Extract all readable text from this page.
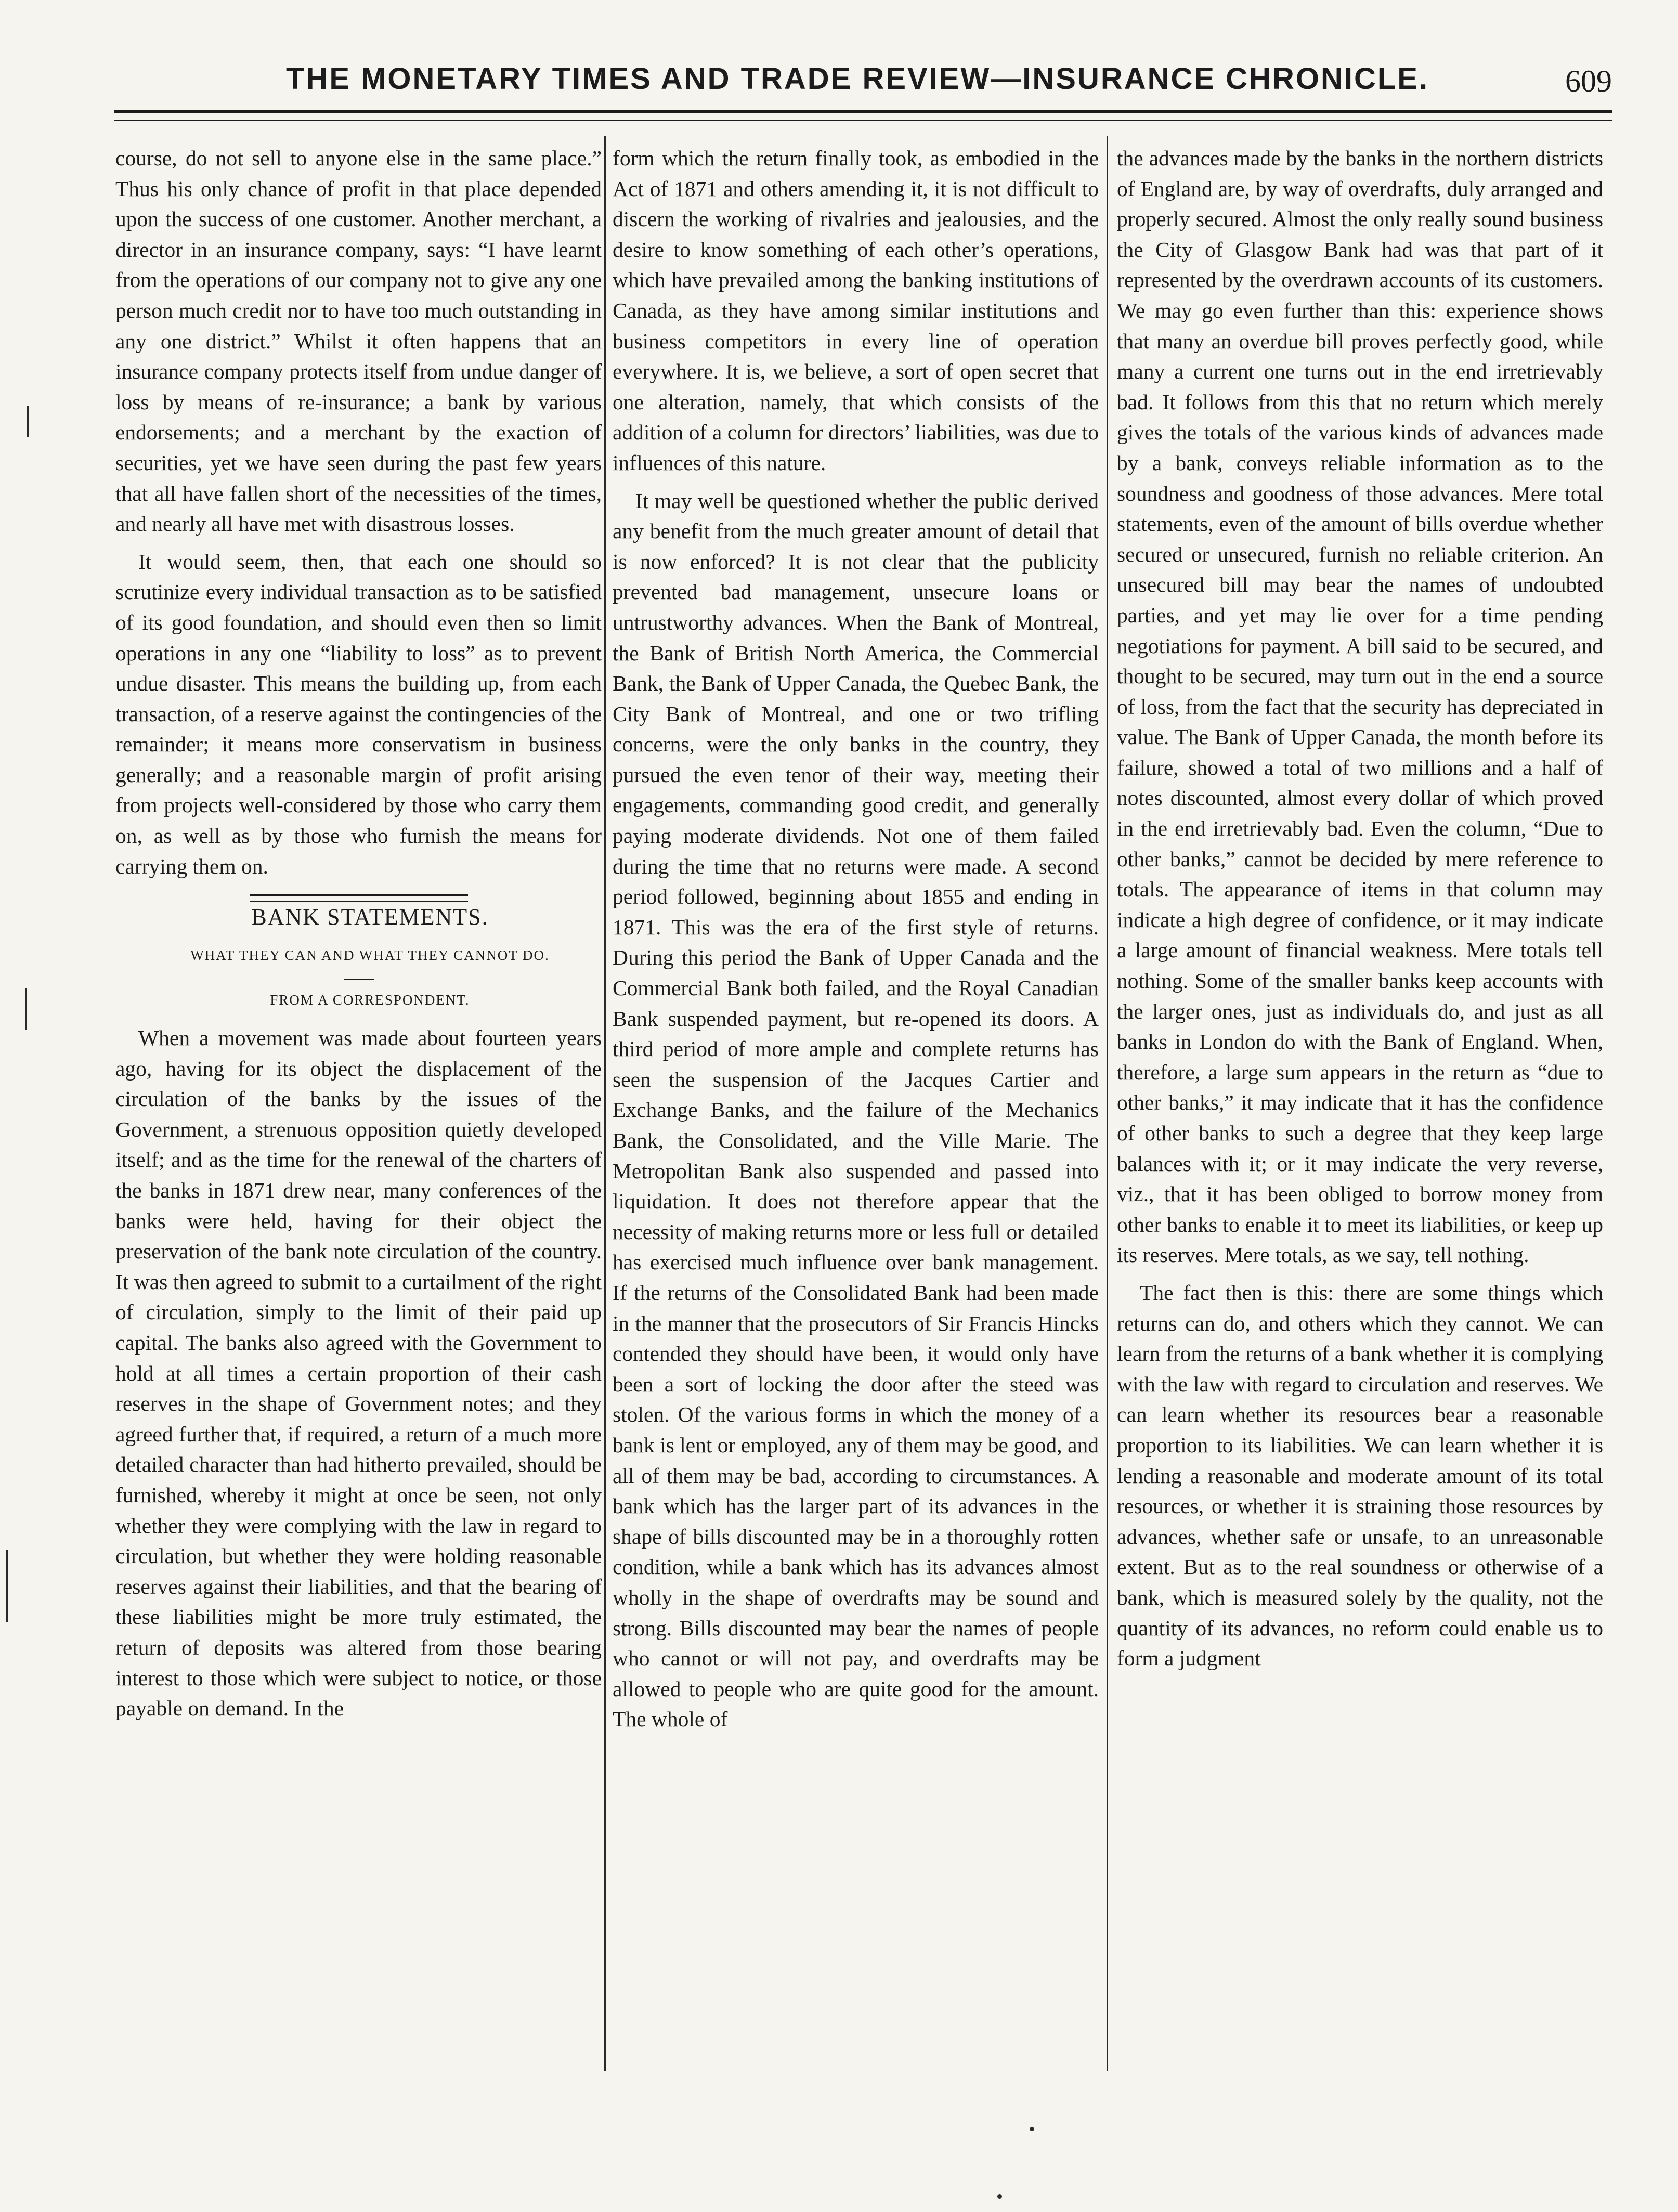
THE MONETARY TIMES AND TRADE REVIEW—INSURANCE CHRONICLE.	609

course, do not sell to anyone else in the same place.” Thus his only chance of profit in that place depended upon the success of one customer. Another merchant, a director in an insurance company, says: “I have learnt from the operations of our company not to give any one person much credit nor to have too much outstanding in any one district.” Whilst it often happens that an insurance company protects itself from undue danger of loss by means of re-insurance; a bank by various endorsements; and a merchant by the exaction of securities, yet we have seen during the past few years that all have fallen short of the necessities of the times, and nearly all have met with disastrous losses.

It would seem, then, that each one should so scrutinize every individual transaction as to be satisfied of its good foundation, and should even then so limit operations in any one “liability to loss” as to prevent undue disaster. This means the building up, from each transaction, of a reserve against the contingencies of the remainder; it means more conservatism in business generally; and a reasonable margin of profit arising from projects well-considered by those who carry them on, as well as by those who furnish the means for carrying them on.

BANK STATEMENTS.

WHAT THEY CAN AND WHAT THEY CANNOT DO.

FROM A CORRESPONDENT.

When a movement was made about fourteen years ago, having for its object the displacement of the circulation of the banks by the issues of the Government, a strenuous opposition quietly developed itself; and as the time for the renewal of the charters of the banks in 1871 drew near, many conferences of the banks were held, having for their object the preservation of the bank note circulation of the country. It was then agreed to submit to a curtailment of the right of circulation, simply to the limit of their paid up capital. The banks also agreed with the Government to hold at all times a certain proportion of their cash reserves in the shape of Government notes; and they agreed further that, if required, a return of a much more detailed character than had hitherto prevailed, should be furnished, whereby it might at once be seen, not only whether they were complying with the law in regard to circulation, but whether they were holding reasonable reserves against their liabilities, and that the bearing of these liabilities might be more truly estimated, the return of deposits was altered from those bearing interest to those which were subject to notice, or those payable on demand. In the

form which the return finally took, as embodied in the Act of 1871 and others amending it, it is not difficult to discern the working of rivalries and jealousies, and the desire to know something of each other’s operations, which have prevailed among the banking institutions of Canada, as they have among similar institutions and business competitors in every line of operation everywhere. It is, we believe, a sort of open secret that one alteration, namely, that which consists of the addition of a column for directors’ liabilities, was due to influences of this nature.

It may well be questioned whether the public derived any benefit from the much greater amount of detail that is now enforced? It is not clear that the publicity prevented bad management, unsecure loans or untrustworthy advances. When the Bank of Montreal, the Bank of British North America, the Commercial Bank, the Bank of Upper Canada, the Quebec Bank, the City Bank of Montreal, and one or two trifling concerns, were the only banks in the country, they pursued the even tenor of their way, meeting their engagements, commanding good credit, and generally paying moderate dividends. Not one of them failed during the time that no returns were made. A second period followed, beginning about 1855 and ending in 1871. This was the era of the first style of returns. During this period the Bank of Upper Canada and the Commercial Bank both failed, and the Royal Canadian Bank suspended payment, but re-opened its doors. A third period of more ample and complete returns has seen the suspension of the Jacques Cartier and Exchange Banks, and the failure of the Mechanics Bank, the Consolidated, and the Ville Marie. The Metropolitan Bank also suspended and passed into liquidation. It does not therefore appear that the necessity of making returns more or less full or detailed has exercised much influence over bank management. If the returns of the Consolidated Bank had been made in the manner that the prosecutors of Sir Francis Hincks contended they should have been, it would only have been a sort of locking the door after the steed was stolen. Of the various forms in which the money of a bank is lent or employed, any of them may be good, and all of them may be bad, according to circumstances. A bank which has the larger part of its advances in the shape of bills discounted may be in a thoroughly rotten condition, while a bank which has its advances almost wholly in the shape of overdrafts may be sound and strong. Bills discounted may bear the names of people who cannot or will not pay, and overdrafts may be allowed to people who are quite good for the amount. The whole of

the advances made by the banks in the northern districts of England are, by way of overdrafts, duly arranged and properly secured. Almost the only really sound business the City of Glasgow Bank had was that part of it represented by the overdrawn accounts of its customers. We may go even further than this: experience shows that many an overdue bill proves perfectly good, while many a current one turns out in the end irretrievably bad. It follows from this that no return which merely gives the totals of the various kinds of advances made by a bank, conveys reliable information as to the soundness and goodness of those advances. Mere total statements, even of the amount of bills overdue whether secured or unsecured, furnish no reliable criterion. An unsecured bill may bear the names of undoubted parties, and yet may lie over for a time pending negotiations for payment. A bill said to be secured, and thought to be secured, may turn out in the end a source of loss, from the fact that the security has depreciated in value. The Bank of Upper Canada, the month before its failure, showed a total of two millions and a half of notes discounted, almost every dollar of which proved in the end irretrievably bad. Even the column, “Due to other banks,” cannot be decided by mere reference to totals. The appearance of items in that column may indicate a high degree of confidence, or it may indicate a large amount of financial weakness. Mere totals tell nothing. Some of the smaller banks keep accounts with the larger ones, just as individuals do, and just as all banks in London do with the Bank of England. When, therefore, a large sum appears in the return as “due to other banks,” it may indicate that it has the confidence of other banks to such a degree that they keep large balances with it; or it may indicate the very reverse, viz., that it has been obliged to borrow money from other banks to enable it to meet its liabilities, or keep up its reserves. Mere totals, as we say, tell nothing.

The fact then is this: there are some things which returns can do, and others which they cannot. We can learn from the returns of a bank whether it is complying with the law with regard to circulation and reserves. We can learn whether its resources bear a reasonable proportion to its liabilities. We can learn whether it is lending a reasonable and moderate amount of its total resources, or whether it is straining those resources by advances, whether safe or unsafe, to an unreasonable extent. But as to the real soundness or otherwise of a bank, which is measured solely by the quality, not the quantity of its advances, no reform could enable us to form a judgment
